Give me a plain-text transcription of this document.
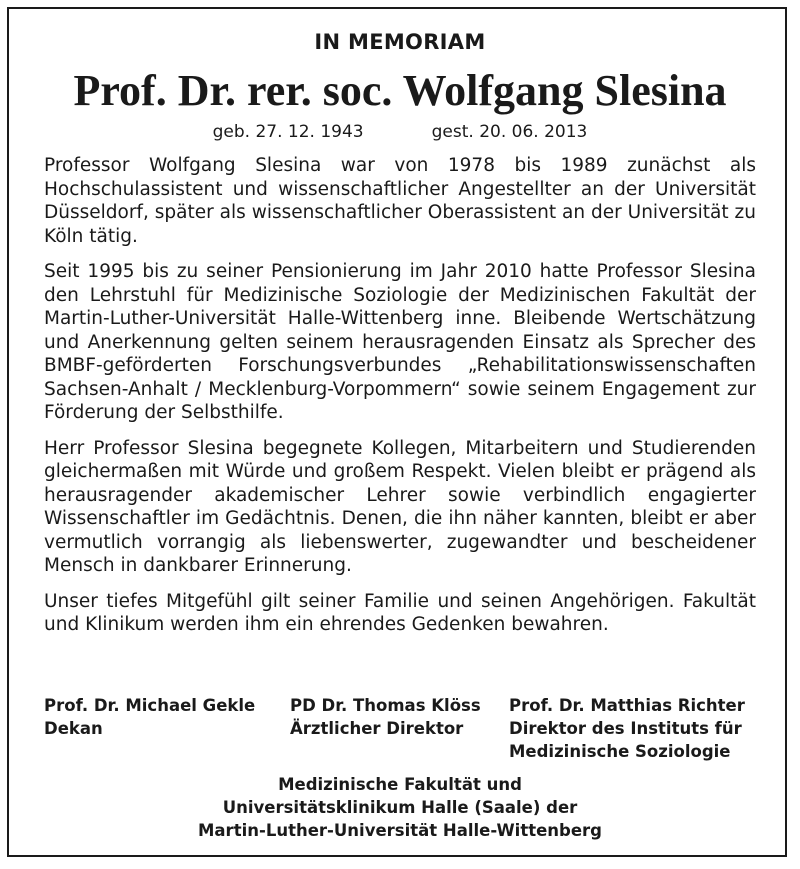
IN MEMORIAM
Prof. Dr. rer. soc. Wolfgang Slesina
geb. 27. 12. 1943	gest. 20. 06. 2013

Professor Wolfgang Slesina war von 1978 bis 1989 zunächst als Hochschulassistent und wissenschaftlicher Angestellter an der Universität Düsseldorf, später als wissenschaftlicher Oberassistent an der Universität zu Köln tätig.

Seit 1995 bis zu seiner Pensionierung im Jahr 2010 hatte Professor Slesina den Lehrstuhl für Medizinische Soziologie der Medizinischen Fakultät der Martin-Luther-Universität Halle-Wittenberg inne. Bleibende Wertschätzung und Anerkennung gelten seinem herausragenden Einsatz als Sprecher des BMBF-geförderten Forschungsverbundes „Rehabilitationswissenschaften Sachsen-Anhalt / Mecklenburg-Vorpommern“ sowie seinem Engagement zur Förderung der Selbsthilfe.

Herr Professor Slesina begegnete Kollegen, Mitarbeitern und Studierenden gleichermaßen mit Würde und großem Respekt. Vielen bleibt er prägend als herausragender akademischer Lehrer sowie verbindlich engagierter Wissenschaftler im Gedächtnis. Denen, die ihn näher kannten, bleibt er aber vermutlich vorrangig als liebenswerter, zugewandter und bescheidener Mensch in dankbarer Erinnerung.

Unser tiefes Mitgefühl gilt seiner Familie und seinen Angehörigen. Fakultät und Klinikum werden ihm ein ehrendes Gedenken bewahren.

Prof. Dr. Michael Gekle
Dekan
PD Dr. Thomas Klöss
Ärztlicher Direktor
Prof. Dr. Matthias Richter
Direktor des Instituts für
Medizinische Soziologie
Medizinische Fakultät und
Universitätsklinikum Halle (Saale) der
Martin-Luther-Universität Halle-Wittenberg
